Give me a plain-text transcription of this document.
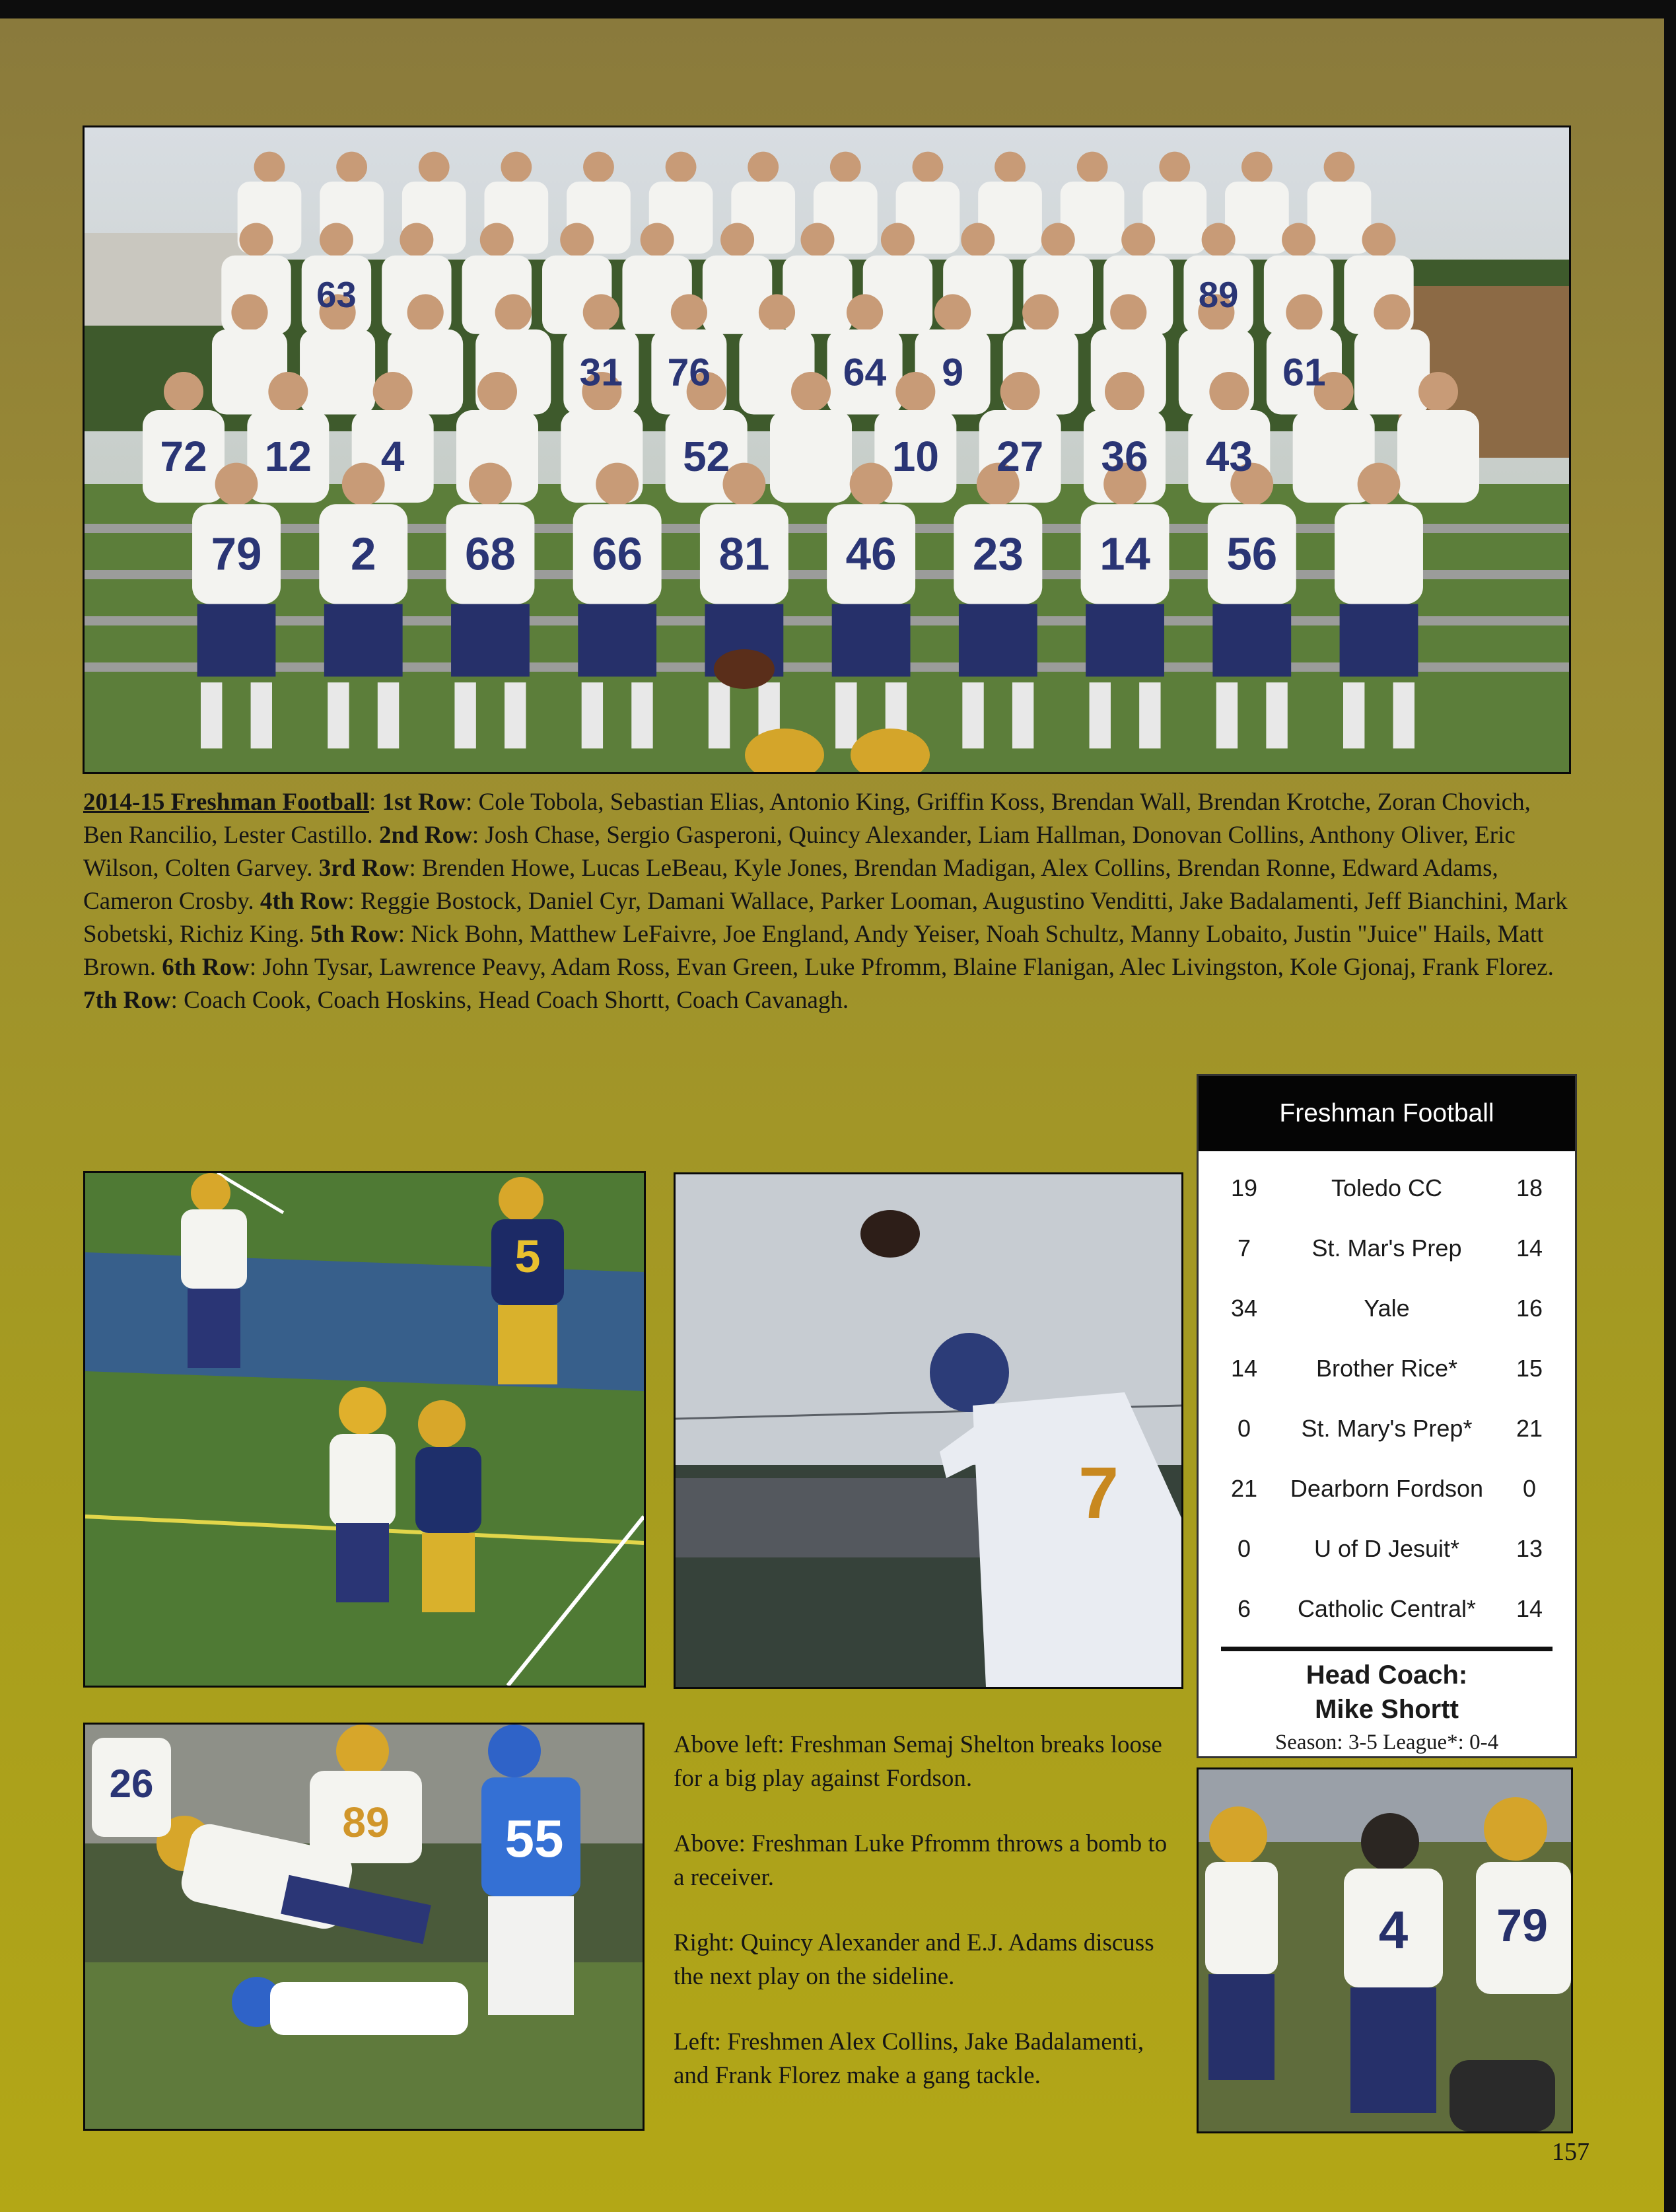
63	89
31 76	64 9	61
72 12 4	52	10 27 36 43
79 2 68 66 81 46 23 14 56
2014-15 Freshman Football: 1st Row: Cole Tobola, Sebastian Elias, Antonio King, Griffin Koss, Brendan Wall, Brendan Krotche, Zoran Chovich, Ben Rancilio, Lester Castillo. 2nd Row: Josh Chase, Sergio Gasperoni, Quincy Alexander, Liam Hallman, Donovan Collins, Anthony Oliver, Eric Wilson, Colten Garvey. 3rd Row: Brenden Howe, Lucas LeBeau, Kyle Jones, Brendan Madigan, Alex Collins, Brendan Ronne, Edward Adams, Cameron Crosby. 4th Row: Reggie Bostock, Daniel Cyr, Damani Wallace, Parker Looman, Augustino Venditti, Jake Badalamenti, Jeff Bianchini, Mark Sobetski, Richiz King. 5th Row: Nick Bohn, Matthew LeFaivre, Joe England, Andy Yeiser, Noah Schultz, Manny Lobaito, Justin "Juice" Hails, Matt Brown. 6th Row: John Tysar, Lawrence Peavy, Adam Ross, Evan Green, Luke Pfromm, Blaine Flanigan, Alec Livingston, Kole Gjonaj, Frank Florez. 7th Row: Coach Cook, Coach Hoskins, Head Coach Shortt, Coach Cavanagh.
5
7
Freshman Football
19	Toledo CC	18
7	St. Mar's Prep	14
34	Yale	16
14	Brother Rice*	15
0	St. Mary's Prep*	21
21	Dearborn Fordson	0
0	U of D Jesuit*	13
6	Catholic Central*	14
Head Coach:
Mike Shortt
Season: 3-5 League*: 0-4
55
89
26

Above left: Freshman Semaj Shelton breaks loose for a big play against Fordson.

Above: Freshman Luke Pfromm throws a bomb to a receiver.

Right: Quincy Alexander and E.J. Adams discuss the next play on the sideline.

Left: Freshmen Alex Collins, Jake Badalamenti, and Frank Florez make a gang tackle.

4 79
157
